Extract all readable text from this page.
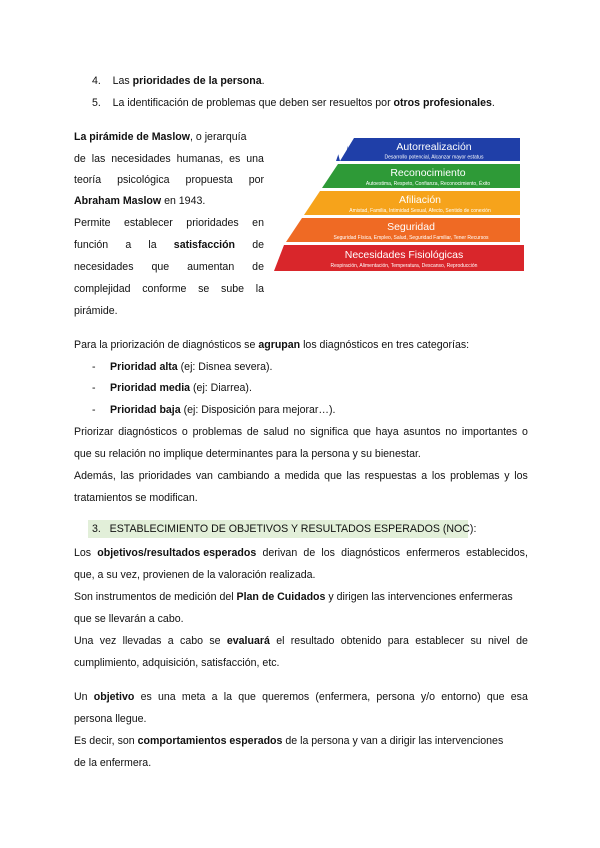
4. Las prioridades de la persona.
5. La identificación de problemas que deben ser resueltos por otros profesionales.
La pirámide de Maslow, o jerarquía
de las necesidades humanas, es una
teoría psicológica propuesta por
Abraham Maslow en 1943.
Permite establecer prioridades en
función a la satisfacción de
necesidades que aumentan de
complejidad conforme se sube la
pirámide.
Autorrealización
Desarrollo potencial, Alcanzar mayor estatus
Reconocimiento
Autoestima, Respeto, Confianza, Reconocimiento, Éxito
Afiliación
Amistad, Familia, Intimidad Sexual, Afecto, Sentido de conexión
Seguridad
Seguridad Física, Empleo, Salud, Seguridad Familiar, Tener Recursos
Necesidades Fisiológicas
Respiración, Alimentación, Temperatura, Descanso, Reproducción
Para la priorización de diagnósticos se agrupan los diagnósticos en tres categorías:
- Prioridad alta (ej: Disnea severa).
- Prioridad media (ej: Diarrea).
- Prioridad baja (ej: Disposición para mejorar…).
Priorizar diagnósticos o problemas de salud no significa que haya asuntos no importantes o
que su relación no implique determinantes para la persona y su bienestar.
Además, las prioridades van cambiando a medida que las respuestas a los problemas y los
tratamientos se modifican.
3.   ESTABLECIMIENTO DE OBJETIVOS Y RESULTADOS ESPERADOS (NOC):
Los objetivos/resultados esperados derivan de los diagnósticos enfermeros establecidos,
que, a su vez, provienen de la valoración realizada.
Son instrumentos de medición del Plan de Cuidados y dirigen las intervenciones enfermeras
que se llevarán a cabo.
Una vez llevadas a cabo se evaluará el resultado obtenido para establecer su nivel de
cumplimiento, adquisición, satisfacción, etc.
Un objetivo es una meta a la que queremos (enfermera, persona y/o entorno) que esa
persona llegue.
Es decir, son comportamientos esperados de la persona y van a dirigir las intervenciones
de la enfermera.
